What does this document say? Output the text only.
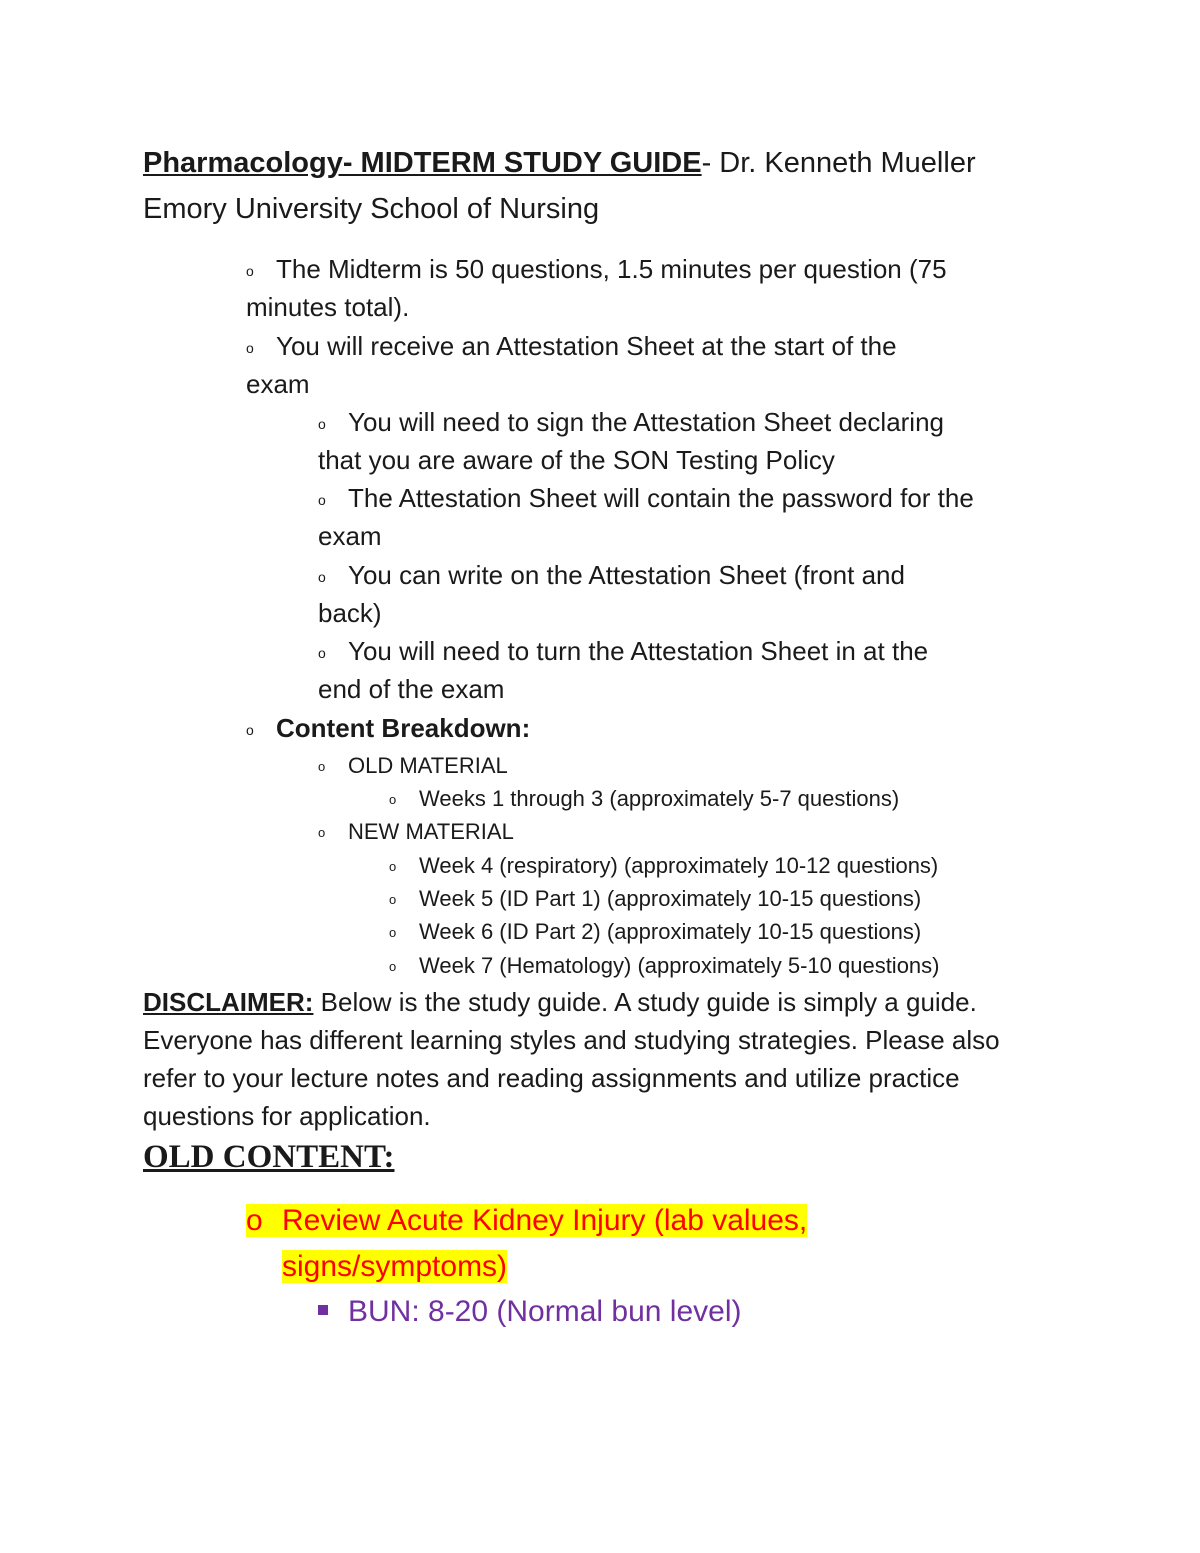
Pharmacology- MIDTERM STUDY GUIDE- Dr. Kenneth Mueller
Emory University School of Nursing
o The Midterm is 50 questions, 1.5 minutes per question (75
minutes total).
o You will receive an Attestation Sheet at the start of the
exam
o You will need to sign the Attestation Sheet declaring
that you are aware of the SON Testing Policy
o The Attestation Sheet will contain the password for the
exam
o You can write on the Attestation Sheet (front and
back)
o You will need to turn the Attestation Sheet in at the
end of the exam
o Content Breakdown:
o OLD MATERIAL
o Weeks 1 through 3 (approximately 5-7 questions)
o NEW MATERIAL
o Week 4 (respiratory) (approximately 10-12 questions)
o Week 5 (ID Part 1) (approximately 10-15 questions)
o Week 6 (ID Part 2) (approximately 10-15 questions)
o Week 7 (Hematology) (approximately 5-10 questions)
DISCLAIMER: Below is the study guide. A study guide is simply a guide. Everyone has different learning styles and studying strategies. Please also refer to your lecture notes and reading assignments and utilize practice questions for application.
OLD CONTENT:
o Review Acute Kidney Injury (lab values,
signs/symptoms)
BUN: 8-20 (Normal bun level)
